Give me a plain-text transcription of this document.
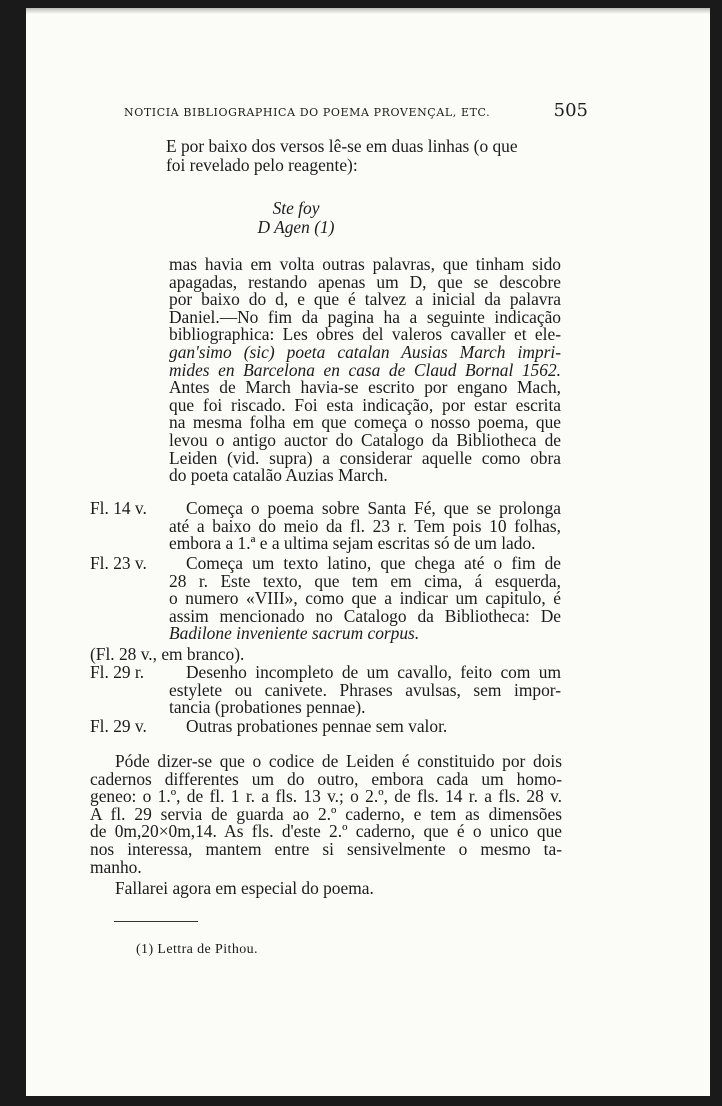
NOTICIA BIBLIOGRAPHICA DO POEMA PROVENÇAL, ETC.	505
E por baixo dos versos lê-se em duas linhas (o que
foi revelado pelo reagente):
Ste foy
D Agen (1)
mas havia em volta outras palavras, que tinham sido
apagadas, restando apenas um D, que se descobre
por baixo do d, e que é talvez a inicial da palavra
Daniel.—No fim da pagina ha a seguinte indicação
bibliographica: Les obres del valeros cavaller et ele-
gan'simo (sic) poeta catalan Ausias March impri-
mides en Barcelona en casa de Claud Bornal 1562.
Antes de March havia-se escrito por engano Mach,
que foi riscado. Foi esta indicação, por estar escrita
na mesma folha em que começa o nosso poema, que
levou o antigo auctor do Catalogo da Bibliotheca de
Leiden (vid. supra) a considerar aquelle como obra
do poeta catalão Auzias March.
Fl. 14 v.	Começa o poema sobre Santa Fé, que se prolonga
até a baixo do meio da fl. 23 r. Tem pois 10 folhas,
embora a 1.ª e a ultima sejam escritas só de um lado.
Fl. 23 v.	Começa um texto latino, que chega até o fim de
28 r. Este texto, que tem em cima, á esquerda,
o numero «VIII», como que a indicar um capitulo, é
assim mencionado no Catalogo da Bibliotheca: De
Badilone inveniente sacrum corpus.
(Fl. 28 v., em branco).
Fl. 29 r.	Desenho incompleto de um cavallo, feito com um
estylete ou canivete. Phrases avulsas, sem impor-
tancia (probationes pennae).
Fl. 29 v.	Outras probationes pennae sem valor.
Póde dizer-se que o codice de Leiden é constituido por dois
cadernos differentes um do outro, embora cada um homo-
geneo: o 1.º, de fl. 1 r. a fls. 13 v.; o 2.º, de fls. 14 r. a fls. 28 v.
A fl. 29 servia de guarda ao 2.º caderno, e tem as dimensões
de 0m,20×0m,14. As fls. d'este 2.º caderno, que é o unico que
nos interessa, mantem entre si sensivelmente o mesmo ta-
manho.
Fallarei agora em especial do poema.
(1) Lettra de Pithou.
